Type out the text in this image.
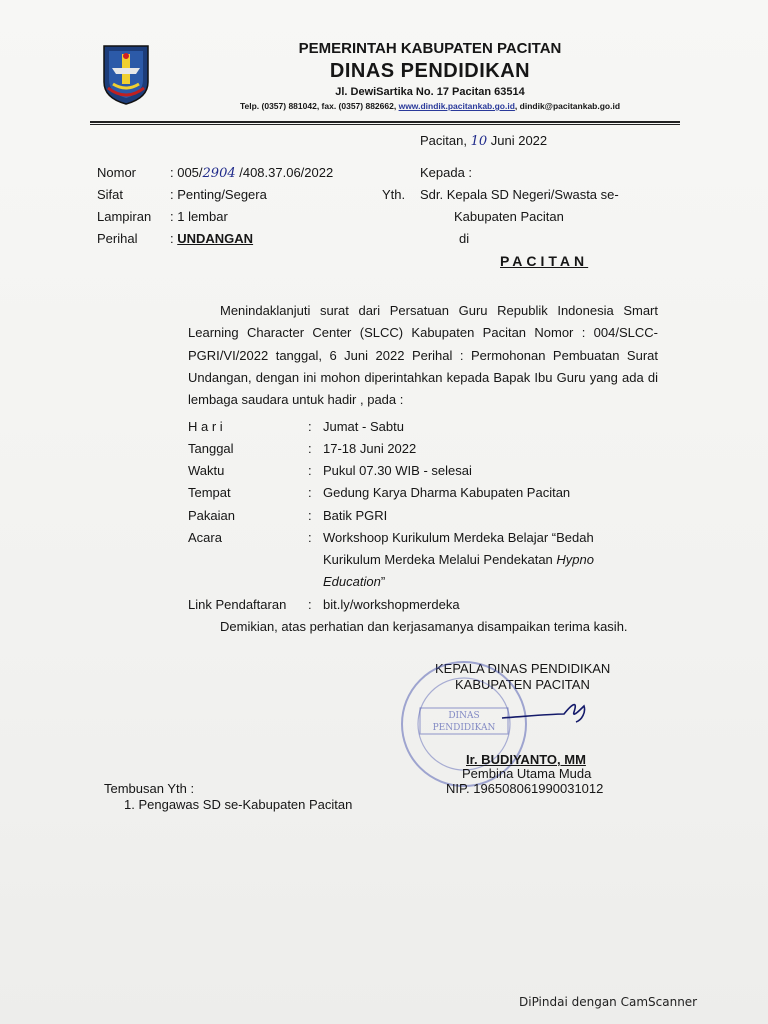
PEMERINTAH KABUPATEN PACITAN
DINAS PENDIDIKAN
Jl. DewiSartika No. 17 Pacitan 63514
Telp. (0357) 881042, fax. (0357) 882662, www.dindik.pacitankab.go.id, dindik@pacitankab.go.id
Pacitan, 10 Juni 2022
Nomor	: 005/2904 /408.37.06/2022
Sifat	: Penting/Segera
Lampiran : 1 lembar
Perihal	: UNDANGAN
Kepada :
Yth. Sdr. Kepala SD Negeri/Swasta se-
Kabupaten Pacitan
di
PACITAN
Menindaklanjuti surat dari Persatuan Guru Republik Indonesia Smart Learning Character Center (SLCC) Kabupaten Pacitan Nomor : 004/SLCC-PGRI/VI/2022 tanggal, 6 Juni 2022 Perihal : Permohonan Pembuatan Surat Undangan, dengan ini mohon diperintahkan kepada Bapak Ibu Guru yang ada di lembaga saudara untuk hadir , pada :
H a r i	: Jumat - Sabtu
Tanggal	: 17-18 Juni 2022
Waktu	: Pukul 07.30 WIB - selesai
Tempat	: Gedung Karya Dharma Kabupaten Pacitan
Pakaian	: Batik PGRI
Acara	: Workshoop Kurikulum Merdeka Belajar “Bedah
Kurikulum Merdeka Melalui Pendekatan Hypno
Education”
Link Pendaftaran : bit.ly/workshopmerdeka
Demikian, atas perhatian dan kerjasamanya disampaikan terima kasih.
KEPALA DINAS PENDIDIKAN
KABUPATEN PACITAN
DINAS
PENDIDIKAN
Ir. BUDIYANTO, MM
Pembina Utama Muda
NIP. 196508061990031012
Tembusan Yth :
1. Pengawas SD se-Kabupaten Pacitan
DiPindai dengan CamScanner
